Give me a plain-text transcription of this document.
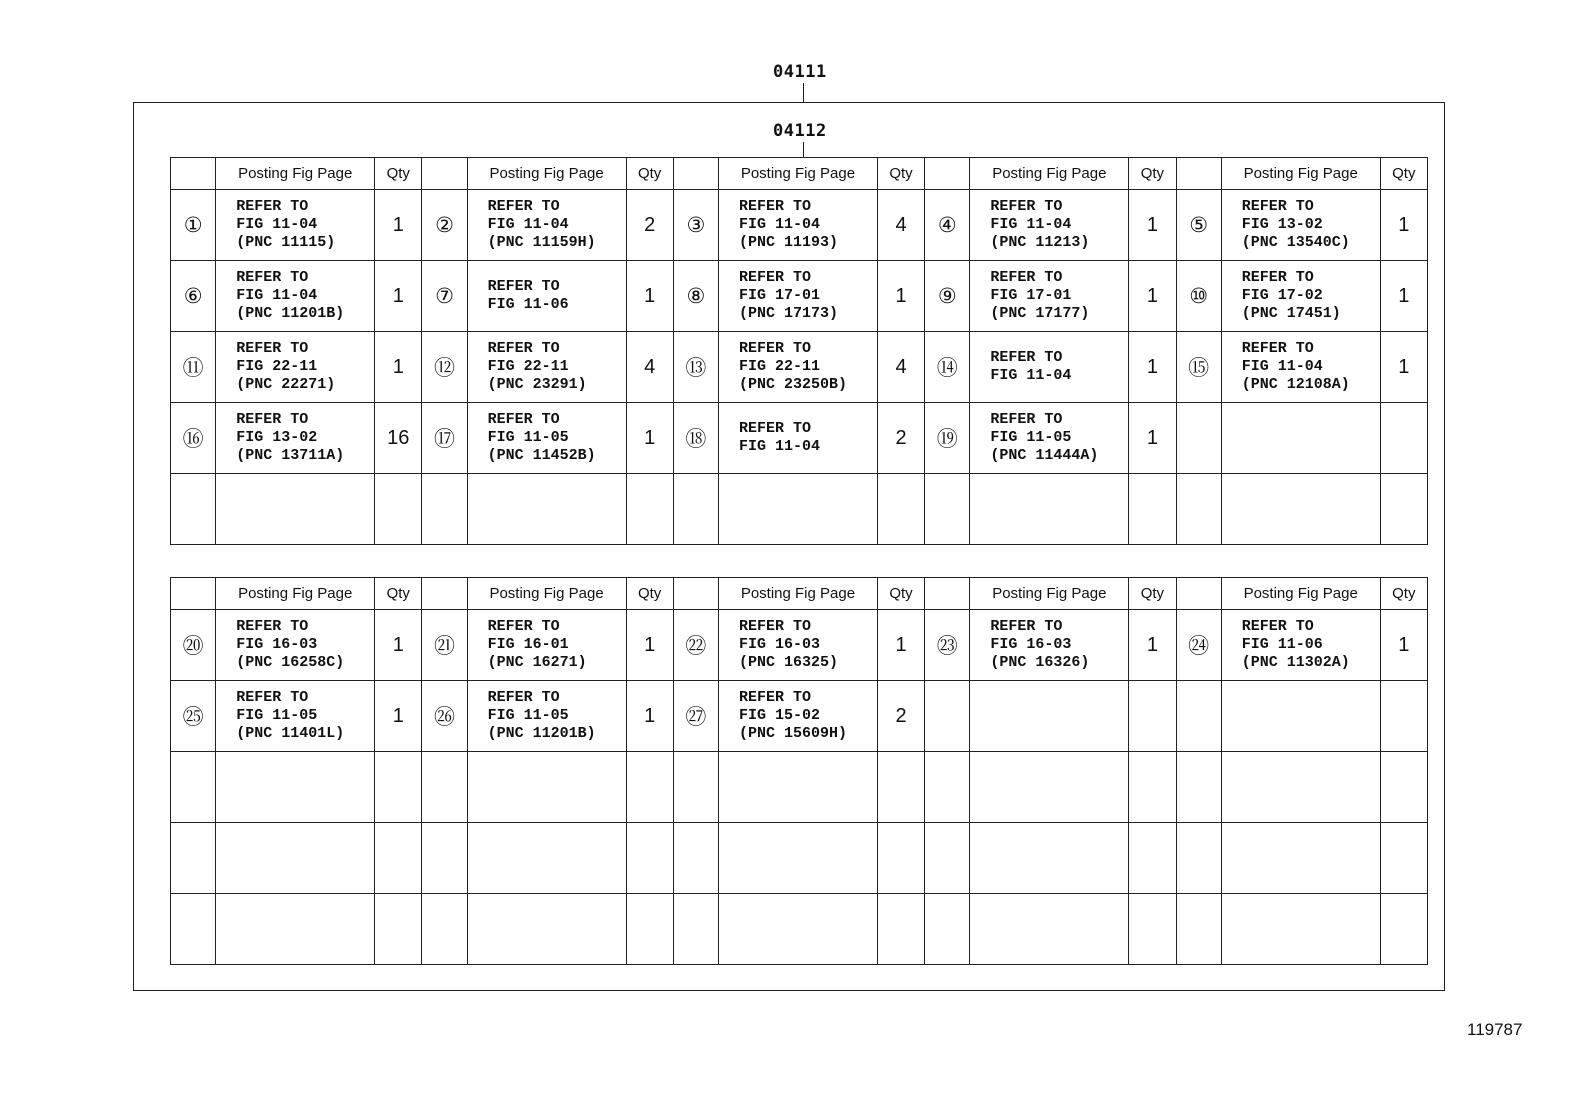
04111
04112
	Posting Fig Page	Qty		Posting Fig Page	Qty		Posting Fig Page	Qty		Posting Fig Page	Qty		Posting Fig Page	Qty
①	REFER TO
FIG 11-04
(PNC 11115)	1	②	REFER TO
FIG 11-04
(PNC 11159H)	2	③	REFER TO
FIG 11-04
(PNC 11193)	4	④	REFER TO
FIG 11-04
(PNC 11213)	1	⑤	REFER TO
FIG 13-02
(PNC 13540C)	1
⑥	REFER TO
FIG 11-04
(PNC 11201B)	1	⑦	REFER TO
FIG 11-06	1	⑧	REFER TO
FIG 17-01
(PNC 17173)	1	⑨	REFER TO
FIG 17-01
(PNC 17177)	1	⑩	REFER TO
FIG 17-02
(PNC 17451)	1
⑪	REFER TO
FIG 22-11
(PNC 22271)	1	⑫	REFER TO
FIG 22-11
(PNC 23291)	4	⑬	REFER TO
FIG 22-11
(PNC 23250B)	4	⑭	REFER TO
FIG 11-04	1	⑮	REFER TO
FIG 11-04
(PNC 12108A)	1
⑯	REFER TO
FIG 13-02
(PNC 13711A)	16	⑰	REFER TO
FIG 11-05
(PNC 11452B)	1	⑱	REFER TO
FIG 11-04	2	⑲	REFER TO
FIG 11-05
(PNC 11444A)	1			

	Posting Fig Page	Qty		Posting Fig Page	Qty		Posting Fig Page	Qty		Posting Fig Page	Qty		Posting Fig Page	Qty
⑳	REFER TO
FIG 16-03
(PNC 16258C)	1	㉑	REFER TO
FIG 16-01
(PNC 16271)	1	㉒	REFER TO
FIG 16-03
(PNC 16325)	1	㉓	REFER TO
FIG 16-03
(PNC 16326)	1	㉔	REFER TO
FIG 11-06
(PNC 11302A)	1
㉕	REFER TO
FIG 11-05
(PNC 11401L)	1	㉖	REFER TO
FIG 11-05
(PNC 11201B)	1	㉗	REFER TO
FIG 15-02
(PNC 15609H)	2						

119787
